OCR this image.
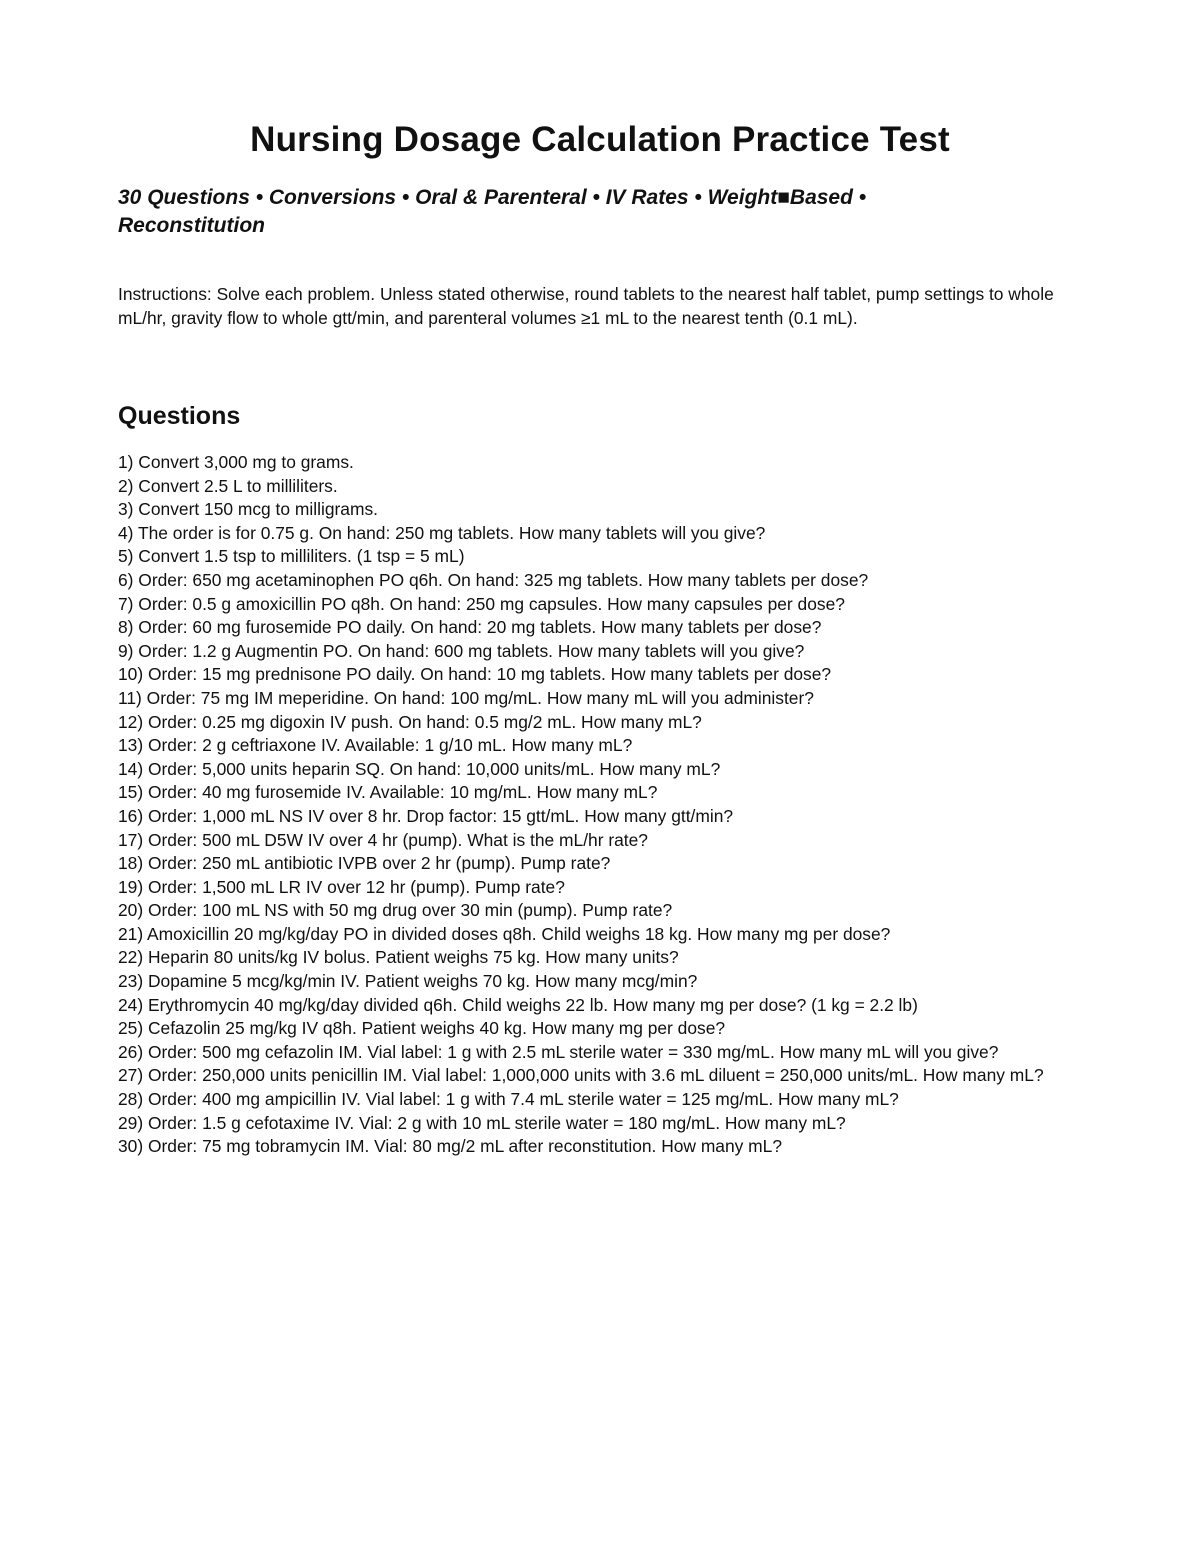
Nursing Dosage Calculation Practice Test

30 Questions • Conversions • Oral & Parenteral • IV Rates • Weight■Based • Reconstitution

Instructions: Solve each problem. Unless stated otherwise, round tablets to the nearest half tablet, pump settings to whole mL/hr, gravity flow to whole gtt/min, and parenteral volumes ≥1 mL to the nearest tenth (0.1 mL).

Questions
1) Convert 3,000 mg to grams.
2) Convert 2.5 L to milliliters.
3) Convert 150 mcg to milligrams.
4) The order is for 0.75 g. On hand: 250 mg tablets. How many tablets will you give?
5) Convert 1.5 tsp to milliliters. (1 tsp = 5 mL)
6) Order: 650 mg acetaminophen PO q6h. On hand: 325 mg tablets. How many tablets per dose?
7) Order: 0.5 g amoxicillin PO q8h. On hand: 250 mg capsules. How many capsules per dose?
8) Order: 60 mg furosemide PO daily. On hand: 20 mg tablets. How many tablets per dose?
9) Order: 1.2 g Augmentin PO. On hand: 600 mg tablets. How many tablets will you give?
10) Order: 15 mg prednisone PO daily. On hand: 10 mg tablets. How many tablets per dose?
11) Order: 75 mg IM meperidine. On hand: 100 mg/mL. How many mL will you administer?
12) Order: 0.25 mg digoxin IV push. On hand: 0.5 mg/2 mL. How many mL?
13) Order: 2 g ceftriaxone IV. Available: 1 g/10 mL. How many mL?
14) Order: 5,000 units heparin SQ. On hand: 10,000 units/mL. How many mL?
15) Order: 40 mg furosemide IV. Available: 10 mg/mL. How many mL?
16) Order: 1,000 mL NS IV over 8 hr. Drop factor: 15 gtt/mL. How many gtt/min?
17) Order: 500 mL D5W IV over 4 hr (pump). What is the mL/hr rate?
18) Order: 250 mL antibiotic IVPB over 2 hr (pump). Pump rate?
19) Order: 1,500 mL LR IV over 12 hr (pump). Pump rate?
20) Order: 100 mL NS with 50 mg drug over 30 min (pump). Pump rate?
21) Amoxicillin 20 mg/kg/day PO in divided doses q8h. Child weighs 18 kg. How many mg per dose?
22) Heparin 80 units/kg IV bolus. Patient weighs 75 kg. How many units?
23) Dopamine 5 mcg/kg/min IV. Patient weighs 70 kg. How many mcg/min?
24) Erythromycin 40 mg/kg/day divided q6h. Child weighs 22 lb. How many mg per dose? (1 kg = 2.2 lb)
25) Cefazolin 25 mg/kg IV q8h. Patient weighs 40 kg. How many mg per dose?
26) Order: 500 mg cefazolin IM. Vial label: 1 g with 2.5 mL sterile water = 330 mg/mL. How many mL will you give?
27) Order: 250,000 units penicillin IM. Vial label: 1,000,000 units with 3.6 mL diluent = 250,000 units/mL. How many mL?
28) Order: 400 mg ampicillin IV. Vial label: 1 g with 7.4 mL sterile water = 125 mg/mL. How many mL?
29) Order: 1.5 g cefotaxime IV. Vial: 2 g with 10 mL sterile water = 180 mg/mL. How many mL?
30) Order: 75 mg tobramycin IM. Vial: 80 mg/2 mL after reconstitution. How many mL?
